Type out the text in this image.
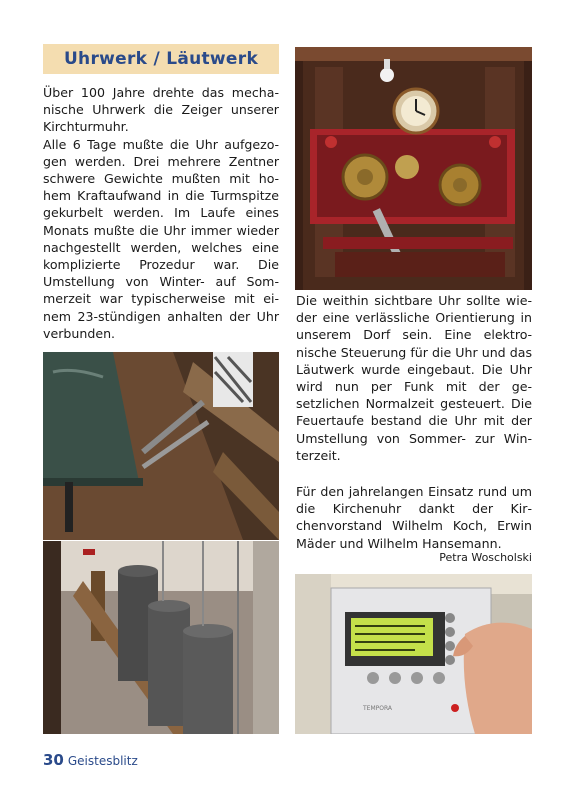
Uhrwerk / Läutwerk

Über 100 Jahre drehte das mechanische Uhrwerk die Zeiger unserer Kirchturmuhr.
Alle 6 Tage mußte die Uhr aufgezogen werden. Drei mehrere Zentner schwere Gewichte mußten mit hohem Kraftaufwand in die Turmspitze gekurbelt werden. Im Laufe eines Monats mußte die Uhr immer wieder nachgestellt werden, welches eine komplizierte Prozedur war. Die Umstellung von Winter- auf Sommerzeit war typischerweise mit einem 23-stündigen anhalten der Uhr verbunden.

Die weithin sichtbare Uhr sollte wieder eine verlässliche Orientierung in unserem Dorf sein. Eine elektronische Steuerung für die Uhr und das Läutwerk wurde eingebaut. Die Uhr wird nun per Funk mit der gesetzlichen Normalzeit gesteuert. Die Feuertaufe bestand die Uhr mit der Umstellung von Sommer- zur Winterzeit.

Für den jahrelangen Einsatz rund um die Kirchenuhr dankt der Kirchenvorstand Wilhelm Koch, Erwin Mäder und Wilhelm Hansemann.

Petra Woscholski
TEMPORA
30 Geistesblitz
